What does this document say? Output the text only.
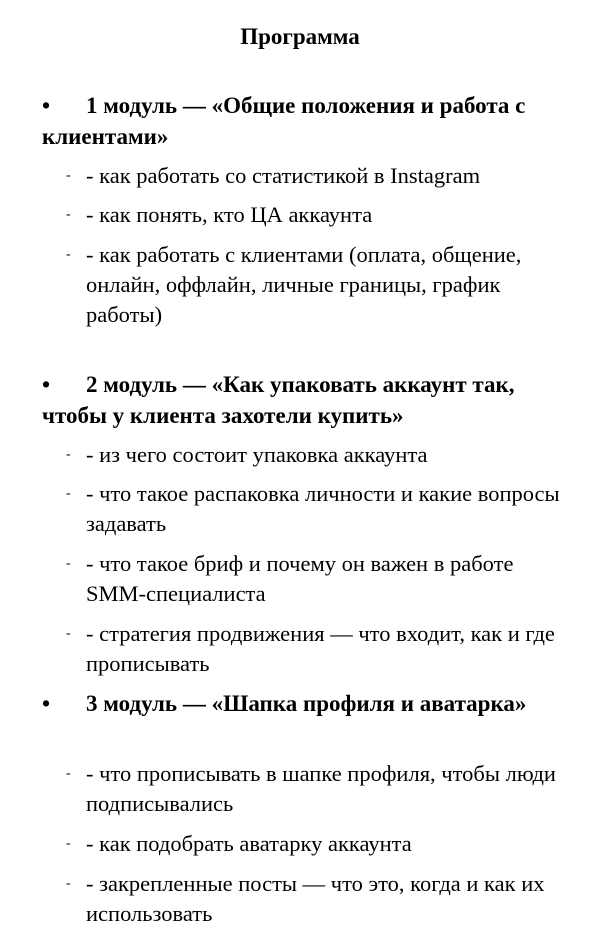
Программа
• 1 модуль — «Общие положения и работа с клиентами»
- - как работать со статистикой в Instagram
- - как понять, кто ЦА аккаунта
- - как работать с клиентами (оплата, общение, онлайн, оффлайн, личные границы, график работы)
• 2 модуль — «Как упаковать аккаунт так, чтобы у клиента захотели купить»
- - из чего состоит упаковка аккаунта
- - что такое распаковка личности и какие вопросы задавать
- - что такое бриф и почему он важен в работе SMM-специалиста
- - стратегия продвижения — что входит, как и где прописывать
• 3 модуль — «Шапка профиля и аватарка»
- - что прописывать в шапке профиля, чтобы люди подписывались
- - как подобрать аватарку аккаунта
- - закрепленные посты — что это, когда и как их        использовать
